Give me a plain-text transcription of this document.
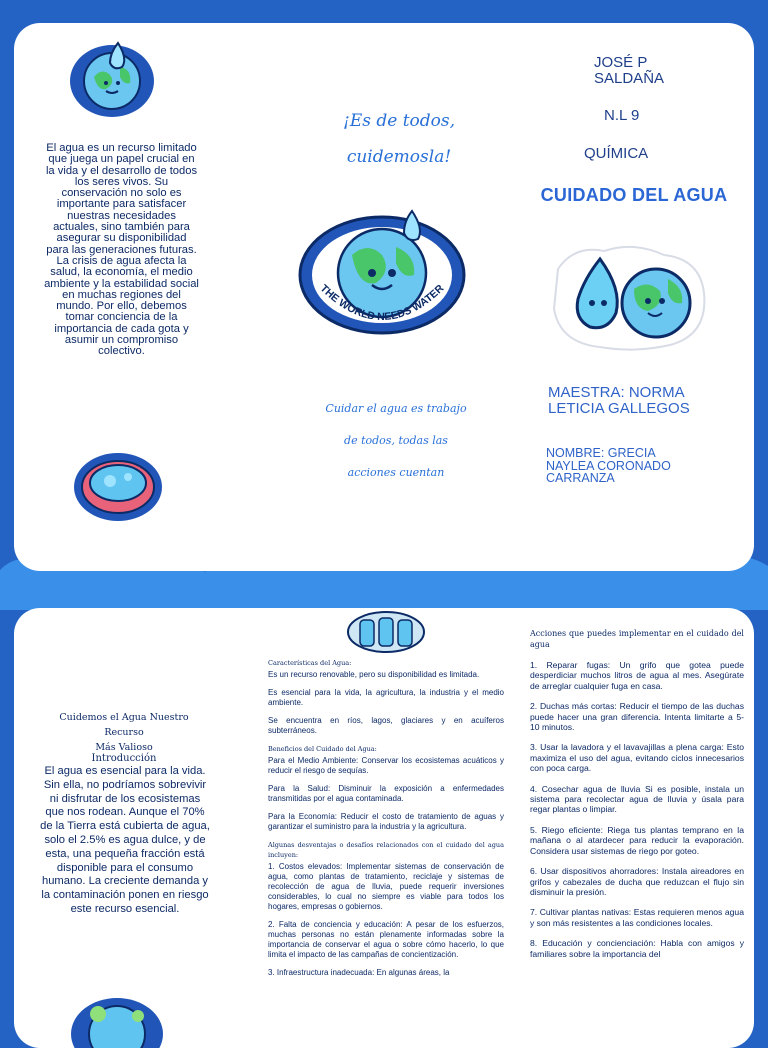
El agua es un recurso limitado que juega un papel crucial en la vida y el desarrollo de todos los seres vivos. Su conservación no solo es importante para satisfacer nuestras necesidades actuales, sino también para asegurar su disponibilidad para las generaciones futuras. La crisis de agua afecta la salud, la economía, el medio ambiente y la estabilidad social en muchas regiones del mundo. Por ello, debemos tomar conciencia de la importancia de cada gota y asumir un compromiso colectivo.
¡Es de todos,
cuidemosla!
THE WORLD NEEDS WATER
Cuidar el agua es trabajo
de todos, todas las
acciones cuentan
JOSÉ P
SALDAÑA
N.L 9
QUÍMICA
CUIDADO DEL AGUA
MAESTRA: NORMA
LETICIA GALLEGOS
NOMBRE: GRECIA
NAYLEA CORONADO
CARRANZA
Cuidemos el Agua Nuestro Recurso
Más Valioso
Introducción
El agua es esencial para la vida. Sin ella, no podríamos sobrevivir ni disfrutar de los ecosistemas que nos rodean. Aunque el 70% de la Tierra está cubierta de agua, solo el 2.5% es agua dulce, y de esta, una pequeña fracción está disponible para el consumo humano. La creciente demanda y la contaminación ponen en riesgo este recurso esencial.
Características del Agua:

Es un recurso renovable, pero su disponibilidad es limitada.

Es esencial para la vida, la agricultura, la industria y el medio ambiente.

Se encuentra en ríos, lagos, glaciares y en acuíferos subterráneos.

Beneficios del Cuidado del Agua:

Para el Medio Ambiente: Conservar los ecosistemas acuáticos y reducir el riesgo de sequías.

Para la Salud: Disminuir la exposición a enfermedades transmitidas por el agua contaminada.

Para la Economía: Reducir el costo de tratamiento de aguas y garantizar el suministro para la industria y la agricultura.

Algunas desventajas o desafíos relacionados con el cuidado del agua incluyen:

1. Costos elevados: Implementar sistemas de conservación de agua, como plantas de tratamiento, reciclaje y sistemas de recolección de agua de lluvia, puede requerir inversiones considerables, lo cual no siempre es viable para todos los hogares, empresas o gobiernos.

2. Falta de conciencia y educación: A pesar de los esfuerzos, muchas personas no están plenamente informadas sobre la importancia de conservar el agua o sobre cómo hacerlo, lo que limita el impacto de las campañas de concientización.

3. Infraestructura inadecuada: En algunas áreas, la

Acciones que puedes implementar en el cuidado del agua

1. Reparar fugas: Un grifo que gotea puede desperdiciar muchos litros de agua al mes. Asegúrate de arreglar cualquier fuga en casa.

2. Duchas más cortas: Reducir el tiempo de las duchas puede hacer una gran diferencia. Intenta limitarte a 5-10 minutos.

3. Usar la lavadora y el lavavajillas a plena carga: Esto maximiza el uso del agua, evitando ciclos innecesarios con poca carga.

4. Cosechar agua de lluvia Si es posible, instala un sistema para recolectar agua de lluvia y úsala para regar plantas o limpiar.

5. Riego eficiente: Riega tus plantas temprano en la mañana o al atardecer para reducir la evaporación. Considera usar sistemas de riego por goteo.

6. Usar dispositivos ahorradores: Instala aireadores en grifos y cabezales de ducha que reduzcan el flujo sin disminuir la presión.

7. Cultivar plantas nativas: Estas requieren menos agua y son más resistentes a las condiciones locales.

8. Educación y concienciación: Habla con amigos y familiares sobre la importancia del
